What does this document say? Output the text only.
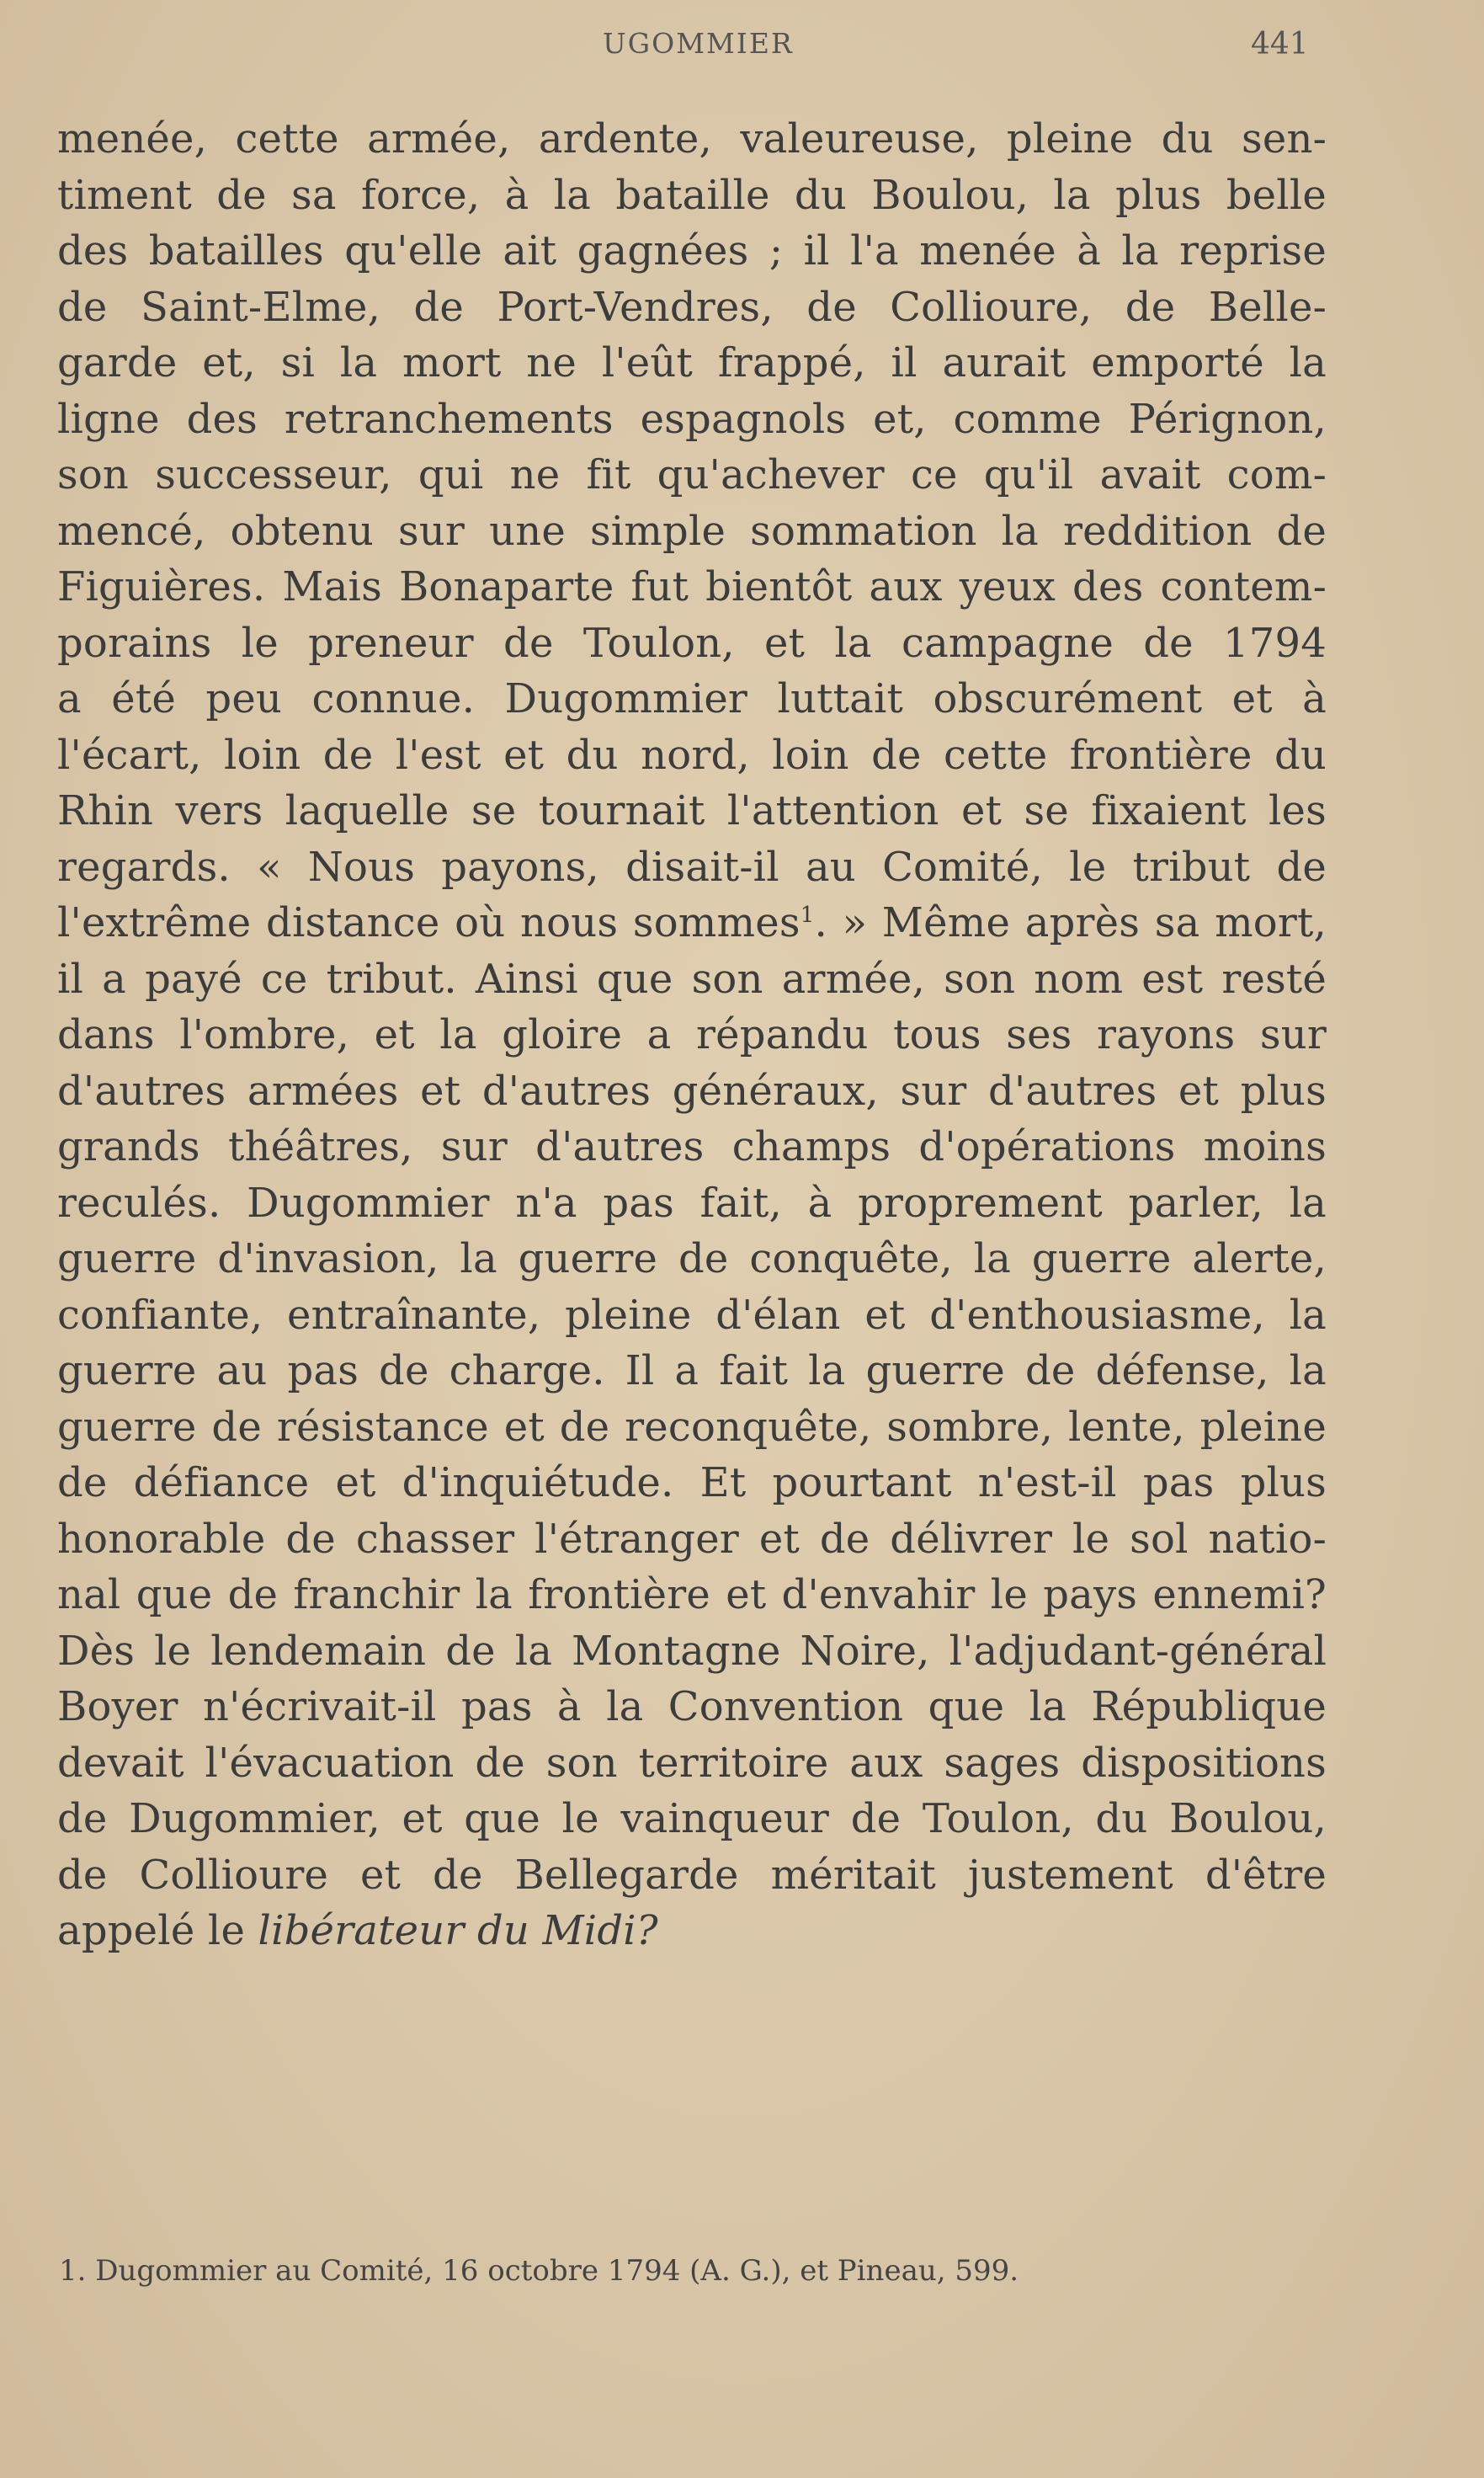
UGOMMIER	441
menée, cette armée, ardente, valeureuse, pleine du sen-
timent de sa force, à la bataille du Boulou, la plus belle
des batailles qu'elle ait gagnées ; il l'a menée à la reprise
de Saint-Elme, de Port-Vendres, de Collioure, de Belle-
garde et, si la mort ne l'eût frappé, il aurait emporté la
ligne des retranchements espagnols et, comme Pérignon,
son successeur, qui ne fit qu'achever ce qu'il avait com-
mencé, obtenu sur une simple sommation la reddition de
Figuières. Mais Bonaparte fut bientôt aux yeux des contem-
porains le preneur de Toulon, et la campagne de 1794
a été peu connue. Dugommier luttait obscurément et à
l'écart, loin de l'est et du nord, loin de cette frontière du
Rhin vers laquelle se tournait l'attention et se fixaient les
regards. « Nous payons, disait-il au Comité, le tribut de
l'extrême distance où nous sommes$^1$. » Même après sa mort,
il a payé ce tribut. Ainsi que son armée, son nom est resté
dans l'ombre, et la gloire a répandu tous ses rayons sur
d'autres armées et d'autres généraux, sur d'autres et plus
grands théâtres, sur d'autres champs d'opérations moins
reculés. Dugommier n'a pas fait, à proprement parler, la
guerre d'invasion, la guerre de conquête, la guerre alerte,
confiante, entraînante, pleine d'élan et d'enthousiasme, la
guerre au pas de charge. Il a fait la guerre de défense, la
guerre de résistance et de reconquête, sombre, lente, pleine
de défiance et d'inquiétude. Et pourtant n'est-il pas plus
honorable de chasser l'étranger et de délivrer le sol natio-
nal que de franchir la frontière et d'envahir le pays ennemi?
Dès le lendemain de la Montagne Noire, l'adjudant-général
Boyer n'écrivait-il pas à la Convention que la République
devait l'évacuation de son territoire aux sages dispositions
de Dugommier, et que le vainqueur de Toulon, du Boulou,
de Collioure et de Bellegarde méritait justement d'être
appelé le libérateur du Midi?
1. Dugommier au Comité, 16 octobre 1794 (A. G.), et Pineau, 599.
